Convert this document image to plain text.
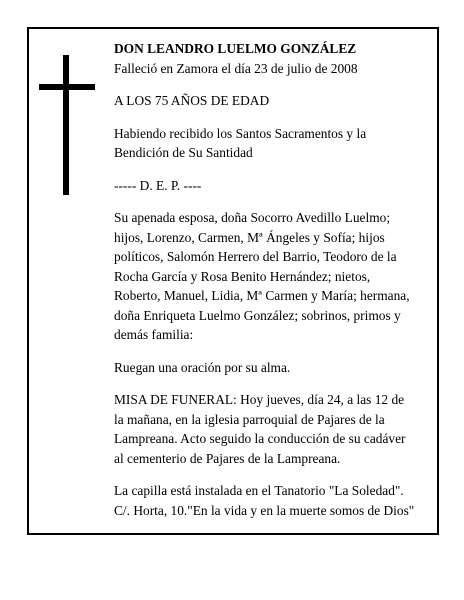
DON LEANDRO LUELMO GONZÁLEZ

Falleció en Zamora el día 23 de julio de 2008

A LOS 75 AÑOS DE EDAD

Habiendo recibido los Santos Sacramentos y la
Bendición de Su Santidad

----- D. E. P. ----

Su apenada esposa, doña Socorro Avedillo Luelmo;
hijos, Lorenzo, Carmen, Mª Ángeles y Sofía; hijos
políticos, Salomón Herrero del Barrio, Teodoro de la
Rocha García y Rosa Benito Hernández; nietos,
Roberto, Manuel, Lidia, Mª Carmen y María; hermana,
doña Enriqueta Luelmo González; sobrinos, primos y
demás familia:

Ruegan una oración por su alma.

MISA DE FUNERAL: Hoy jueves, día 24, a las 12 de
la mañana, en la iglesia parroquial de Pajares de la
Lampreana. Acto seguido la conducción de su cadáver
al cementerio de Pajares de la Lampreana.

La capilla está instalada en el Tanatorio "La Soledad".
C/. Horta, 10."En la vida y en la muerte somos de Dios"
